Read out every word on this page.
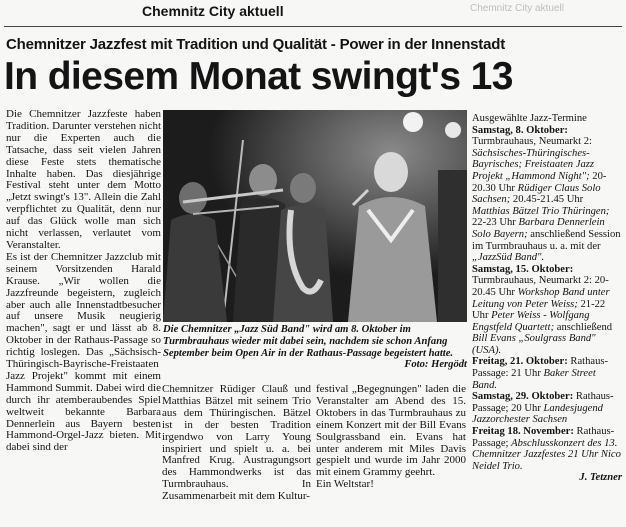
Chemnitz City aktuell	Chemnitz City aktuell
Chemnitzer Jazzfest mit Tradition und Qualität - Power in der Innenstadt
In diesem Monat swingt's 13

Die Chemnitzer Jazzfeste haben Tradition. Darunter verstehen nicht nur die Experten auch die Tatsache, dass seit vielen Jahren diese Feste stets thematische Inhalte haben. Das diesjährige Festival steht unter dem Motto „Jetzt swingt's 13". Allein die Zahl verpflichtet zu Qualität, denn nur auf das Glück wolle man sich nicht verlassen, verlautet vom Veranstalter.

Es ist der Chemnitzer Jazzclub mit seinem Vorsitzenden Harald Krause. „Wir wollen die Jazzfreunde begeistern, zugleich aber auch alle Innenstadtbesucher auf unsere Musik neugierig machen", sagt er und lässt ab 8. Oktober in der Rathaus-Passage so richtig loslegen. Das „Sächsisch-Thüringisch-Bayrische-Freistaaten Jazz Projekt" kommt mit einem Hammond Summit. Dabei wird die durch ihr atemberaubendes Spiel weltweit bekannte Barbara Dennerlein aus Bayern besten Hammond-Orgel-Jazz bieten. Mit dabei sind der

Die Chemnitzer „Jazz Süd Band" wird am 8. Oktober im Turmbrauhaus wieder mit dabei sein, nachdem sie schon Anfang September beim Open Air in der Rathaus-Passage begeistert hatte.
Foto: Hergödt

Chemnitzer Rüdiger Clauß und Matthias Bätzel mit seinem Trio aus dem Thüringischen. Bätzel ist in der besten Tradition irgendwo von Larry Young inspiriert und spielt u. a. bei Manfred Krug. Austragungsort des Hammondwerks ist das Turmbrauhaus. In Zusammenarbeit mit dem Kultur-

festival „Begegnungen" laden die Veranstalter am Abend des 15. Oktobers in das Turmbrauhaus zu einem Konzert mit der Bill Evans Soulgrassband ein. Evans hat unter anderem mit Miles Davis gespielt und wurde im Jahr 2000 mit einem Grammy geehrt.

Ein Weltstar!

Ausgewählte Jazz-Termine
Samstag, 8. Oktober: Turmbrauhaus, Neumarkt 2: Sächsisches-Thüringisches-Bayrisches; Freistaaten Jazz Projekt „Hammond Night"; 20-20.30 Uhr Rüdiger Claus Solo Sachsen; 20.45-21.45 Uhr Matthias Bätzel Trio Thüringen; 22-23 Uhr Barbara Dennerlein Solo Bayern; anschließend Session im Turmbrauhaus u. a. mit der „JazzSüd Band".
Samstag, 15. Oktober: Turmbrauhaus, Neumarkt 2: 20-20.45 Uhr Workshop Band unter Leitung von Peter Weiss; 21-22 Uhr Peter Weiss - Wolfgang Engstfeld Quartett; anschließend Bill Evans „Soulgrass Band" (USA).
Freitag, 21. Oktober: Rathaus-Passage: 21 Uhr Baker Street Band.
Samstag, 29. Oktober: Rathaus-Passage; 20 Uhr Landesjugend Jazzorchester Sachsen
Freitag 18. November: Rathaus-Passage; Abschlusskonzert des 13. Chemnitzer Jazzfestes 21 Uhr Nico Neidel Trio.
J. Tetzner
